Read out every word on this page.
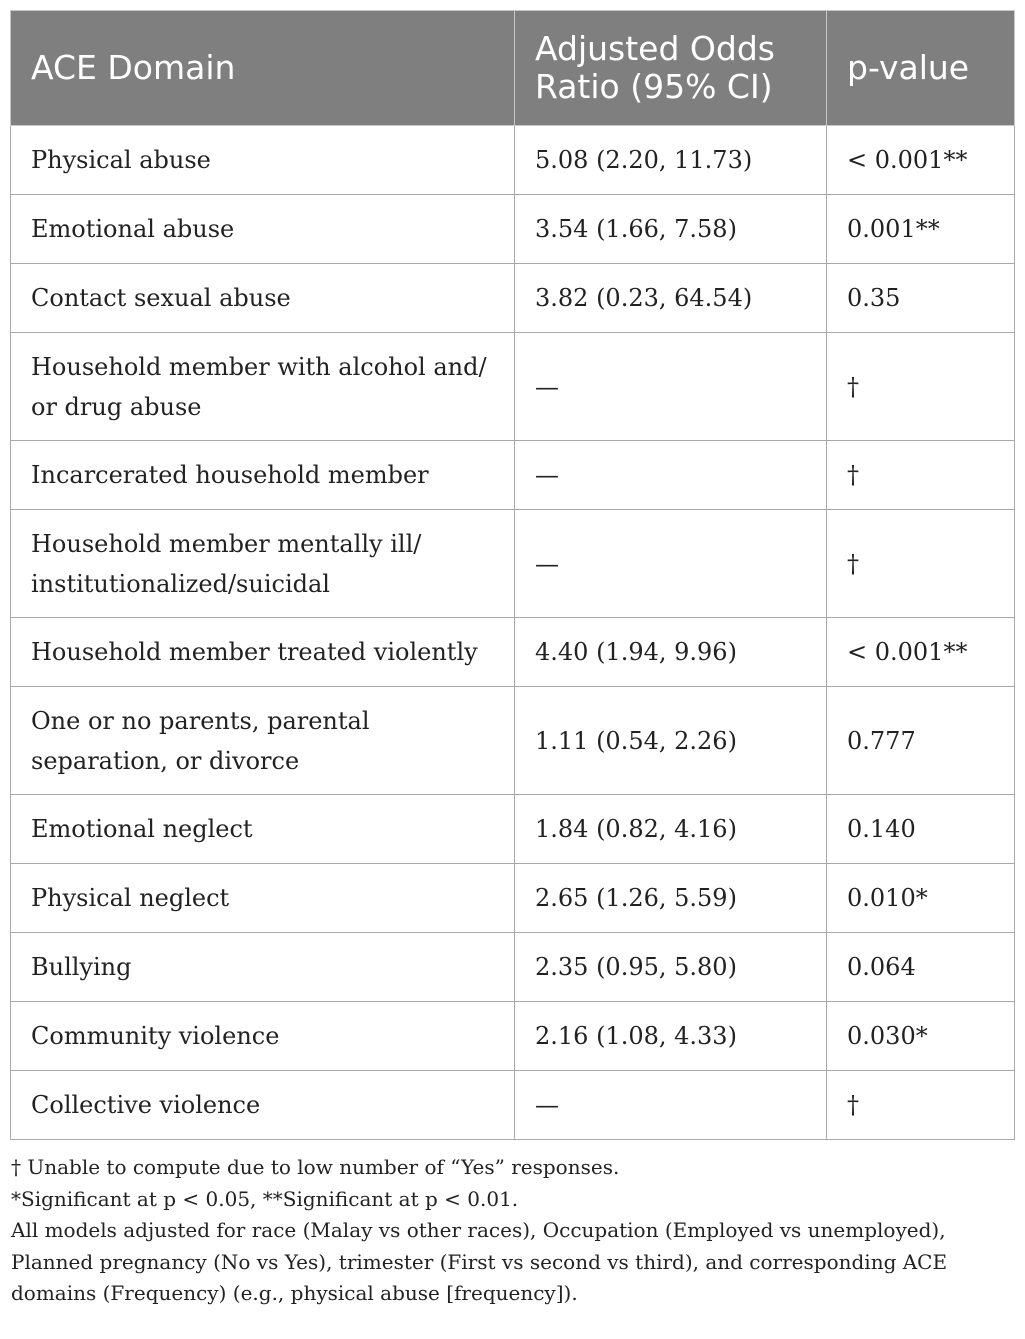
ACE Domain	Adjusted Odds Ratio (95% CI)	p-value
Physical abuse	5.08 (2.20, 11.73)	< 0.001**
Emotional abuse	3.54 (1.66, 7.58)	0.001**
Contact sexual abuse	3.82 (0.23, 64.54)	0.35
Household member with alcohol and/ or drug abuse	—	†
Incarcerated household member	—	†
Household member mentally ill/ institutionalized/suicidal	—	†
Household member treated violently	4.40 (1.94, 9.96)	< 0.001**
One or no parents, parental separation, or divorce	1.11 (0.54, 2.26)	0.777
Emotional neglect	1.84 (0.82, 4.16)	0.140
Physical neglect	2.65 (1.26, 5.59)	0.010*
Bullying	2.35 (0.95, 5.80)	0.064
Community violence	2.16 (1.08, 4.33)	0.030*
Collective violence	—	†
† Unable to compute due to low number of “Yes” responses.
*Significant at p < 0.05, **Significant at p < 0.01.
All models adjusted for race (Malay vs other races), Occupation (Employed vs unemployed), Planned pregnancy (No vs Yes), trimester (First vs second vs third), and corresponding ACE domains (Frequency) (e.g., physical abuse [frequency]).
